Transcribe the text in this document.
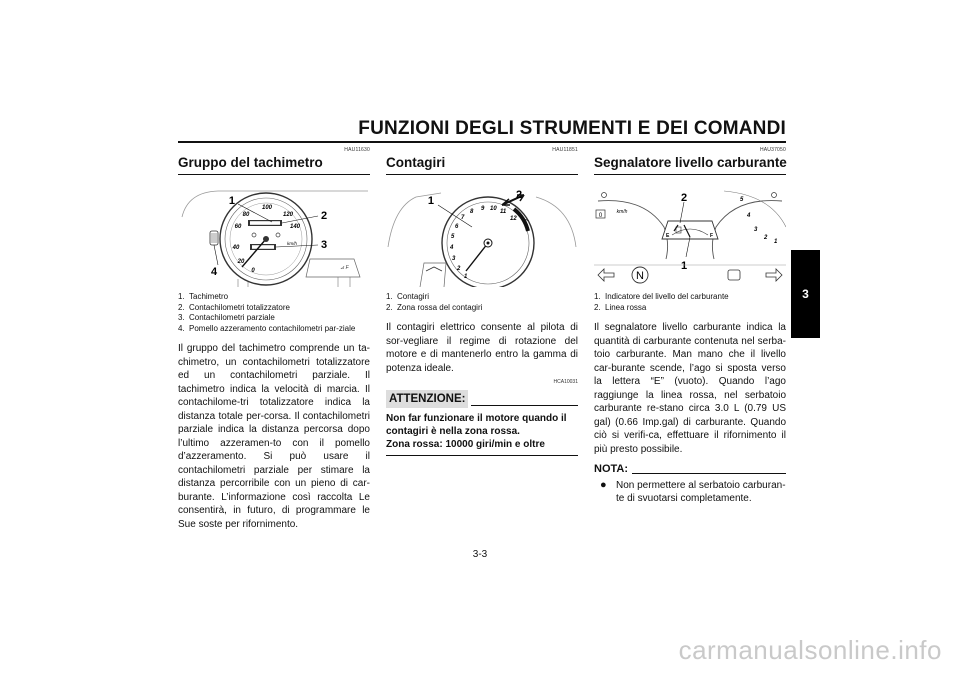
FUNZIONI DEGLI STRUMENTI E DEI COMANDI
3
HAU11630
Gruppo del tachimetro
100
80	120
60	140
40
20
0
km/h
⊿ F
1
2
3
4
1. Tachimetro
2. Contachilometri totalizzatore
3. Contachilometri parziale
4. Pomello azzeramento contachilometri par-ziale

Il gruppo del tachimetro comprende un ta-chimetro, un contachilometri totalizzatore ed un contachilometri parziale. Il tachimetro indica la velocità di marcia. Il contachilome-tri totalizzatore indica la distanza totale per-corsa. Il contachilometri parziale indica la distanza percorsa dopo l’ultimo azzeramen-to con il pomello d’azzeramento. Si può usare il contachilometri parziale per stimare la distanza percorribile con un pieno di car-burante. L’informazione così raccolta Le consentirà, in futuro, di programmare le Sue soste per rifornimento.

HAU11851
Contagiri
1
2
3
4
5
6
7
8 9 10 11
12
1	2
1. Contagiri
2. Zona rossa del contagiri

Il contagiri elettrico consente al pilota di sor-vegliare il regime di rotazione del motore e di mantenerlo entro la gamma di potenza ideale.

HCA10031
ATTENZIONE:
Non far funzionare il motore quando il contagiri è nella zona rossa.
Zona rossa: 10000 giri/min e oltre
HAU37050
Segnalatore livello carburante
0
km/h
5
4
3
2
1
E	F
2
1
N
1. Indicatore del livello del carburante
2. Linea rossa

Il segnalatore livello carburante indica la quantità di carburante contenuta nel serba-toio carburante. Man mano che il livello car-burante scende, l’ago si sposta verso la lettera “E” (vuoto). Quando l’ago raggiunge la linea rossa, nel serbatoio carburante re-stano circa 3.0 L (0.79 US gal) (0.66 Imp.gal) di carburante. Quando ciò si verifi-ca, effettuare il rifornimento il più presto possibile.

NOTA:
● Non permettere al serbatoio carburan-te di svuotarsi completamente.
3-3
carmanualsonline.info
